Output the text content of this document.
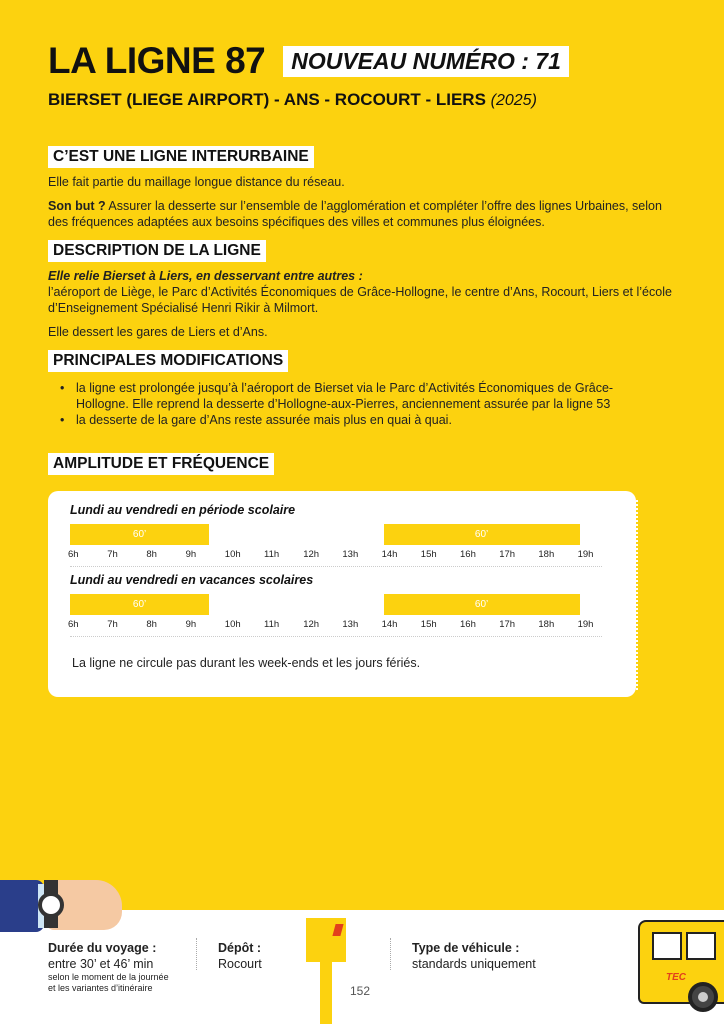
LA LIGNE 87	NOUVEAU NUMÉRO : 71
BIERSET (LIEGE AIRPORT) - ANS - ROCOURT - LIERS (2025)
C’EST UNE LIGNE INTERURBAINE
Elle fait partie du maillage longue distance du réseau.
Son but ? Assurer la desserte sur l’ensemble de l’agglomération et compléter l’offre des lignes Urbaines, selon des fréquences adaptées aux besoins spécifiques des villes et communes plus éloignées.
DESCRIPTION DE LA LIGNE
Elle relie Bierset à Liers, en desservant entre autres :
l’aéroport de Liège, le Parc d’Activités Économiques de Grâce-Hollogne, le centre d’Ans, Rocourt, Liers et l’école d’Enseignement Spécialisé Henri Rikir à Milmort.
Elle dessert les gares de Liers et d’Ans.
PRINCIPALES MODIFICATIONS
• la ligne est prolongée jusqu’à l’aéroport de Bierset via le Parc d’Activités Économiques de Grâce-Hollogne. Elle reprend la desserte d’Hollogne-aux-Pierres, anciennement assurée par la ligne 53
• la desserte de la gare d’Ans reste assurée mais plus en quai à quai.
AMPLITUDE ET FRÉQUENCE
Lundi au vendredi en période scolaire
60’	60’
6h	7h	8h	9h	10h 11h	12h 13h 14h 15h 16h 17h 18h 19h
Lundi au vendredi en vacances scolaires
60’	60’
6h	7h	8h	9h	10h 11h	12h 13h 14h 15h 16h 17h 18h 19h
La ligne ne circule pas durant les week-ends et les jours fériés.
Durée du voyage :
entre 30’ et 46’ min
selon le moment de la journée
et les variantes d’itinéraire
Dépôt :
Rocourt
Type de véhicule :
standards uniquement
152
TEC
